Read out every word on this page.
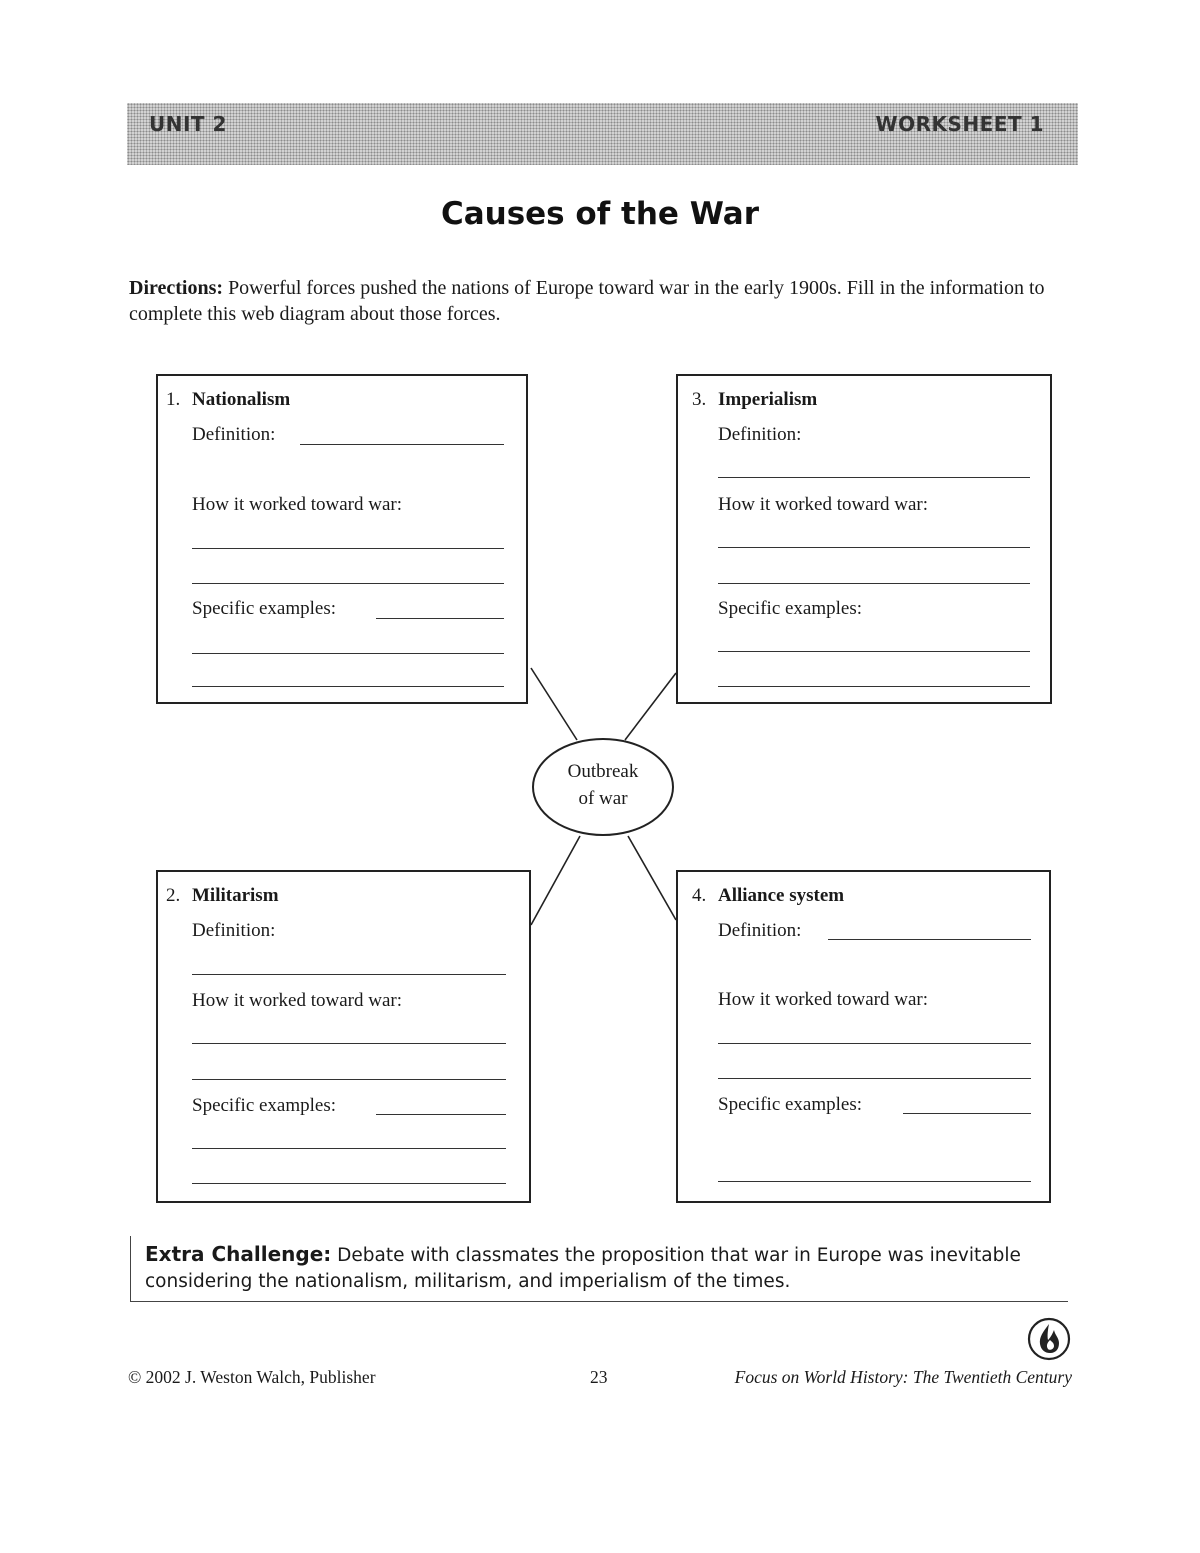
UNIT 2	WORKSHEET 1
Causes of the War
Directions: Powerful forces pushed the nations of Europe toward war in the early 1900s. Fill in the information to complete this web diagram about those forces.
Outbreak
of war
1. Nationalism
Definition:
How it worked toward war:
Specific examples:
3. Imperialism
Definition:
How it worked toward war:
Specific examples:
2. Militarism
Definition:
How it worked toward war:
Specific examples:
4. Alliance system
Definition:
How it worked toward war:
Specific examples:
Extra Challenge: Debate with classmates the proposition that war in Europe was inevitable considering the nationalism, militarism, and imperialism of the times.
© 2002 J. Weston Walch, Publisher	23	Focus on World History: The Twentieth Century
